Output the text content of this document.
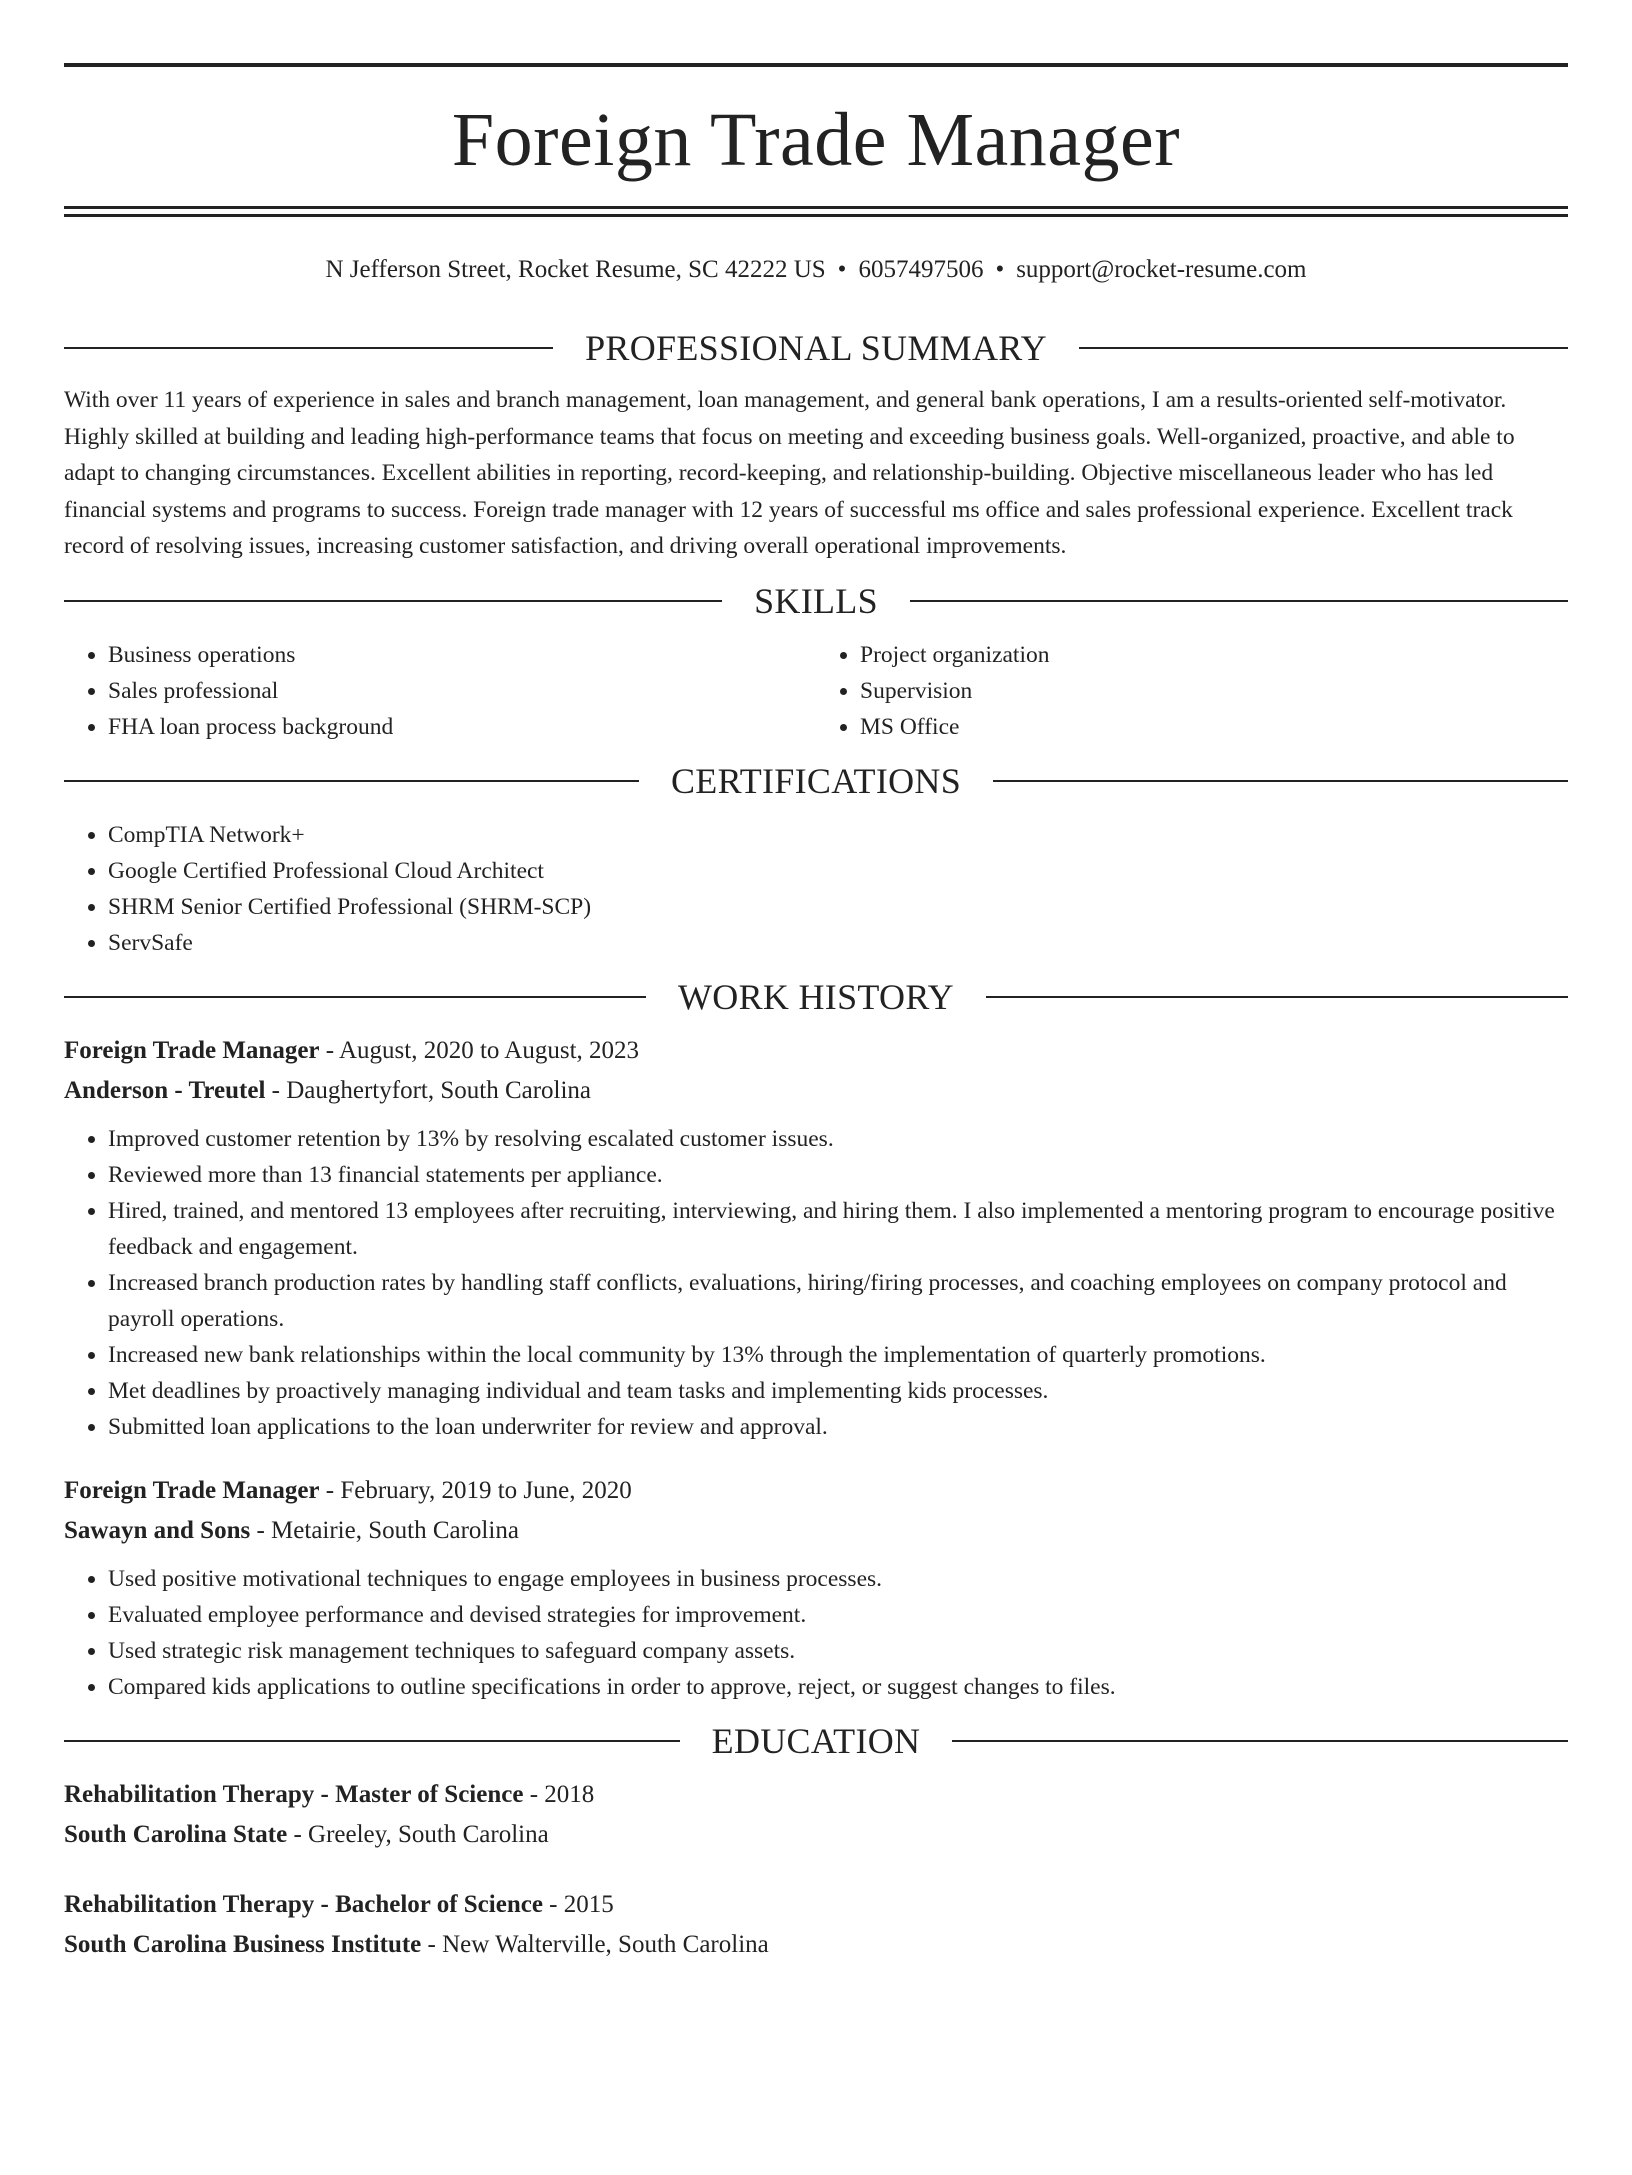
Foreign Trade Manager
N Jefferson Street, Rocket Resume, SC 42222 US • 6057497506 • support@rocket-resume.com
PROFESSIONAL SUMMARY

With over 11 years of experience in sales and branch management, loan management, and general bank operations, I am a results-oriented self-motivator. Highly skilled at building and leading high-performance teams that focus on meeting and exceeding business goals. Well-organized, proactive, and able to adapt to changing circumstances. Excellent abilities in reporting, record-keeping, and relationship-building. Objective miscellaneous leader who has led financial systems and programs to success. Foreign trade manager with 12 years of successful ms office and sales professional experience. Excellent track record of resolving issues, increasing customer satisfaction, and driving overall operational improvements.

SKILLS
• Business operations
• Sales professional
• FHA loan process background
• Project organization
• Supervision
• MS Office
CERTIFICATIONS
• CompTIA Network+
• Google Certified Professional Cloud Architect
• SHRM Senior Certified Professional (SHRM-SCP)
• ServSafe
WORK HISTORY
Foreign Trade Manager - August, 2020 to August, 2023
Anderson - Treutel - Daughertyfort, South Carolina
• Improved customer retention by 13% by resolving escalated customer issues.
• Reviewed more than 13 financial statements per appliance.
• Hired, trained, and mentored 13 employees after recruiting, interviewing, and hiring them. I also implemented a mentoring program to encourage positive feedback and engagement.
• Increased branch production rates by handling staff conflicts, evaluations, hiring/firing processes, and coaching employees on company protocol and payroll operations.
• Increased new bank relationships within the local community by 13% through the implementation of quarterly promotions.
• Met deadlines by proactively managing individual and team tasks and implementing kids processes.
• Submitted loan applications to the loan underwriter for review and approval.
Foreign Trade Manager - February, 2019 to June, 2020
Sawayn and Sons - Metairie, South Carolina
• Used positive motivational techniques to engage employees in business processes.
• Evaluated employee performance and devised strategies for improvement.
• Used strategic risk management techniques to safeguard company assets.
• Compared kids applications to outline specifications in order to approve, reject, or suggest changes to files.
EDUCATION
Rehabilitation Therapy - Master of Science - 2018
South Carolina State - Greeley, South Carolina
Rehabilitation Therapy - Bachelor of Science - 2015
South Carolina Business Institute - New Walterville, South Carolina
